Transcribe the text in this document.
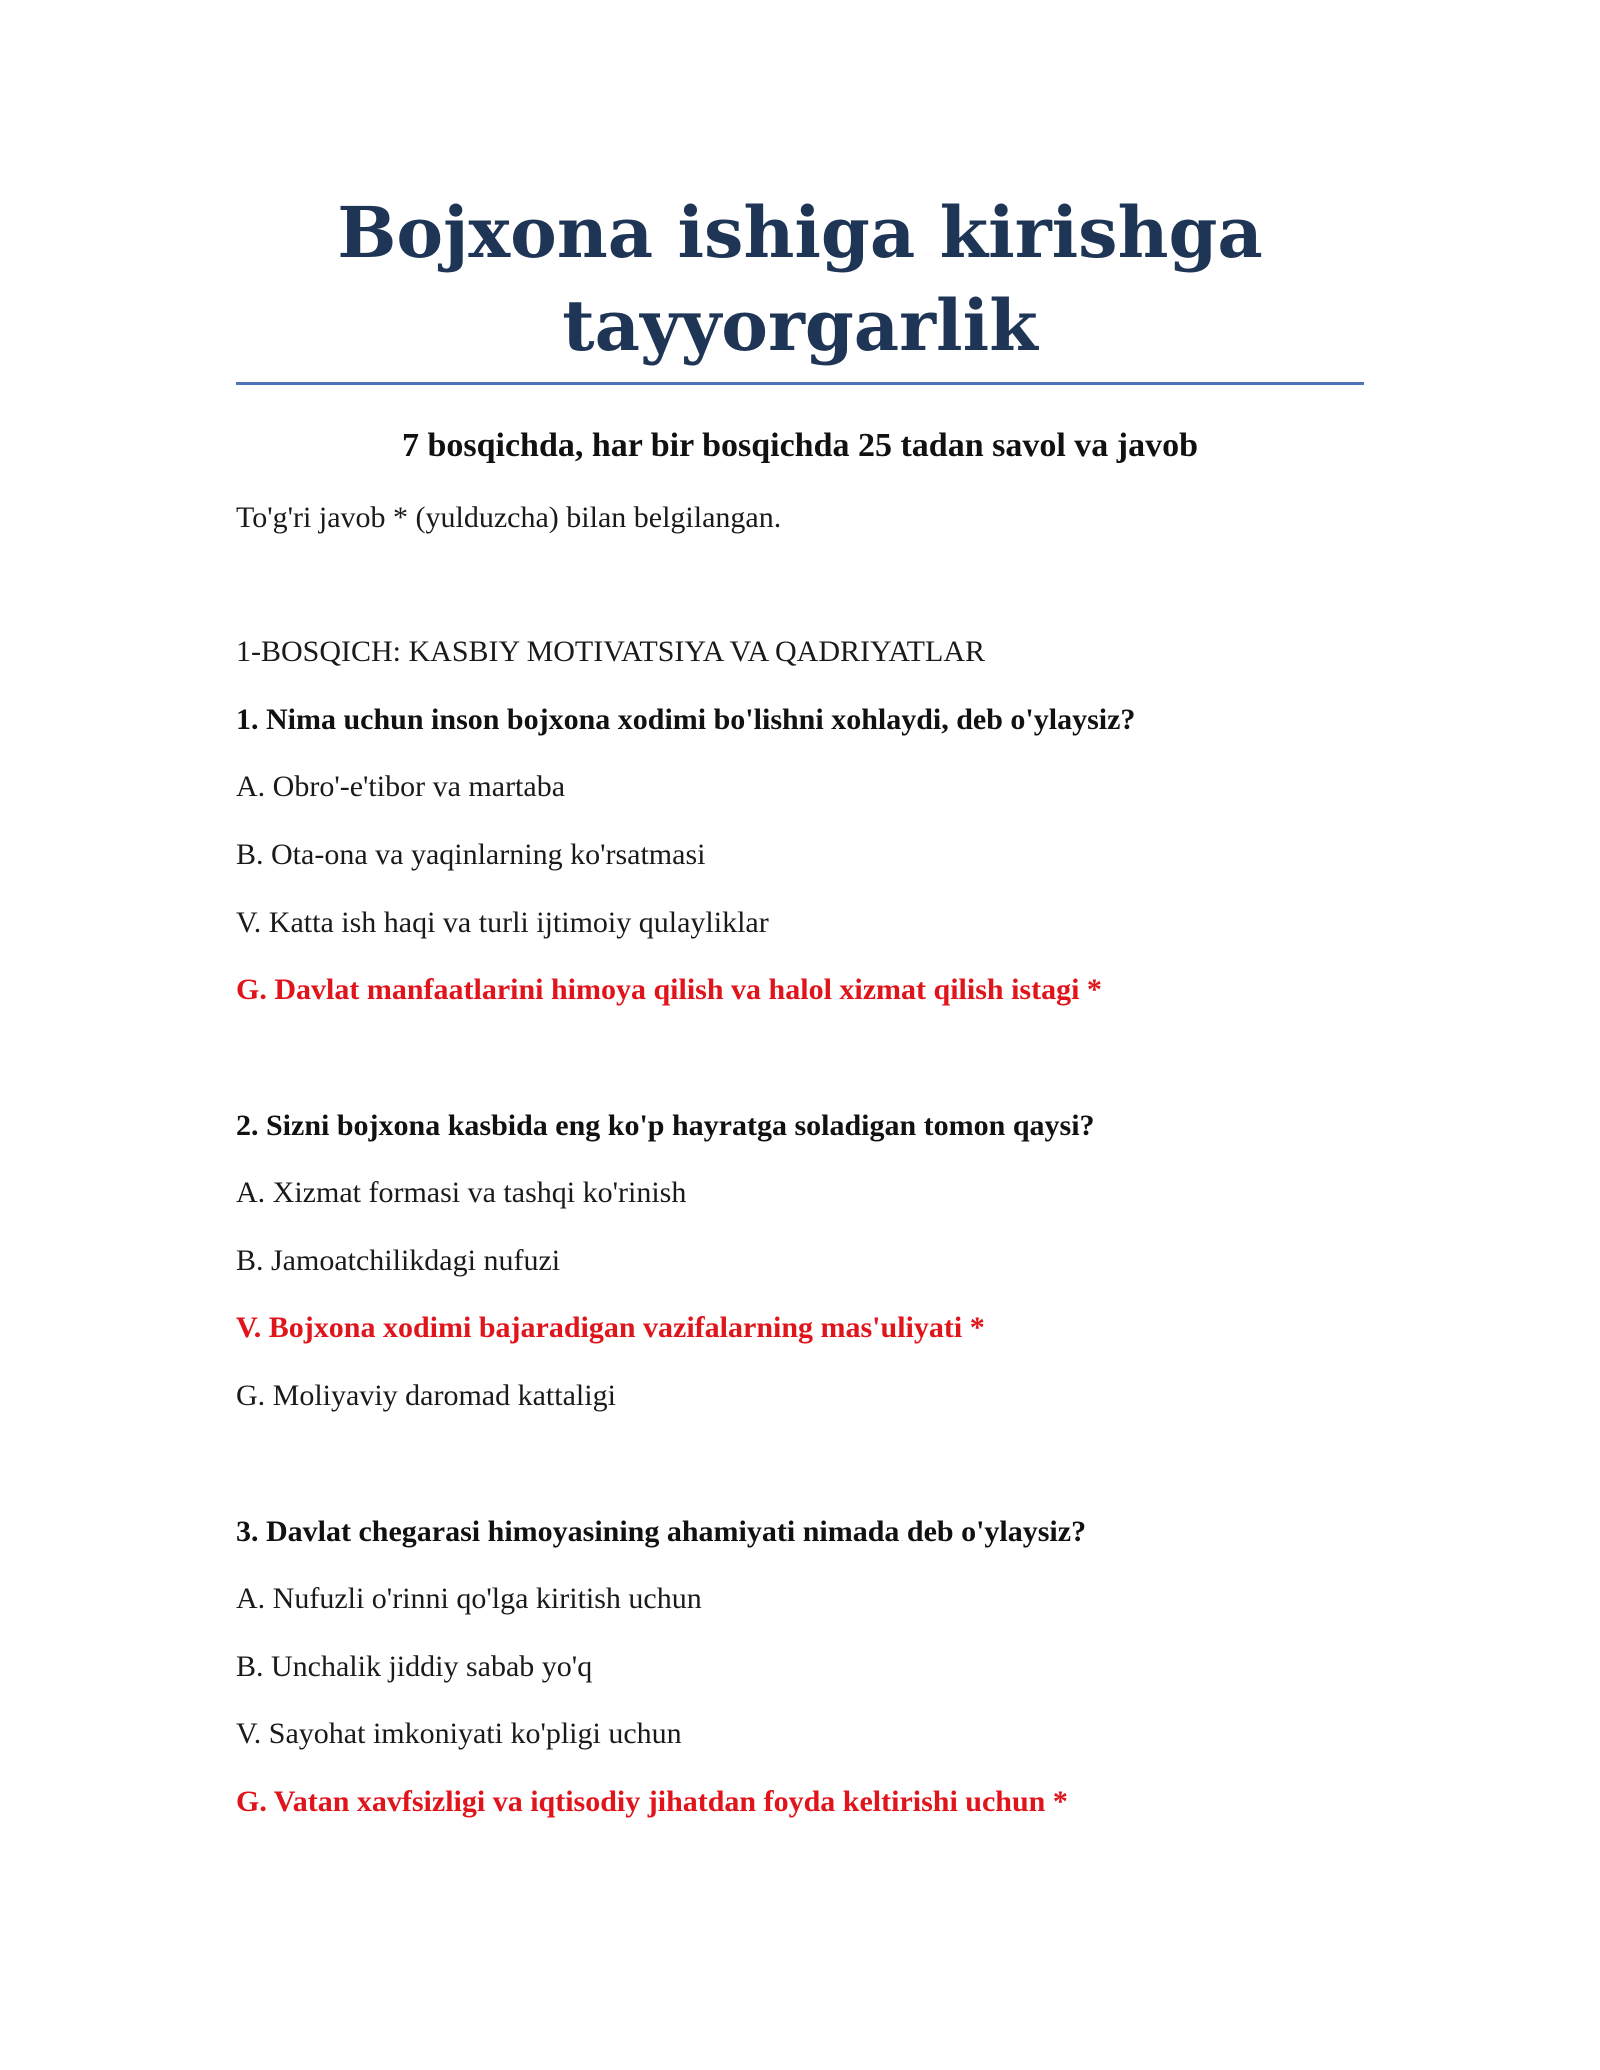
Bojxona ishiga kirishga
tayyorgarlik
7 bosqichda, har bir bosqichda 25 tadan savol va javob
To'g'ri javob * (yulduzcha) bilan belgilangan.
1-BOSQICH: KASBIY MOTIVATSIYA VA QADRIYATLAR
1. Nima uchun inson bojxona xodimi bo'lishni xohlaydi, deb o'ylaysiz?
A. Obro'-e'tibor va martaba
B. Ota-ona va yaqinlarning ko'rsatmasi
V. Katta ish haqi va turli ijtimoiy qulayliklar
G. Davlat manfaatlarini himoya qilish va halol xizmat qilish istagi *
2. Sizni bojxona kasbida eng ko'p hayratga soladigan tomon qaysi?
A. Xizmat formasi va tashqi ko'rinish
B. Jamoatchilikdagi nufuzi
V. Bojxona xodimi bajaradigan vazifalarning mas'uliyati *
G. Moliyaviy daromad kattaligi
3. Davlat chegarasi himoyasining ahamiyati nimada deb o'ylaysiz?
A. Nufuzli o'rinni qo'lga kiritish uchun
B. Unchalik jiddiy sabab yo'q
V. Sayohat imkoniyati ko'pligi uchun
G. Vatan xavfsizligi va iqtisodiy jihatdan foyda keltirishi uchun *
